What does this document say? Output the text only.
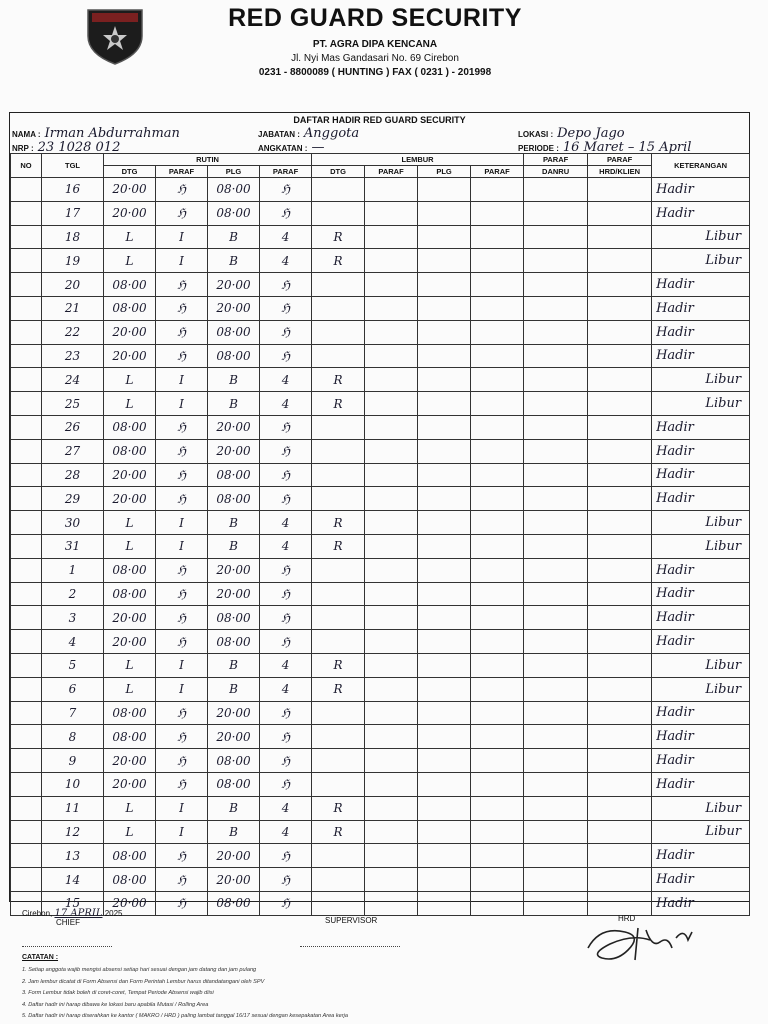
RED GUARD SECURITY
PT. AGRA DIPA KENCANA
Jl. Nyi Mas Gandasari No. 69 Cirebon
0231 - 8800089 ( HUNTING ) FAX ( 0231 ) - 201998
DAFTAR HADIR RED GUARD SECURITY
NAMA : Irman Abdurrahman
NRP : 23 1028 012
JABATAN : Anggota
ANGKATAN : —
LOKASI : Depo Jago
PERIODE : 16 Maret – 15 April
NO	TGL	RUTIN				LEMBUR				PARAF	PARAF	KETERANGAN
		DTG	PARAF	PLG	PARAF	DTG	PARAF	PLG	PARAF	DANRU	HRD/KLIEN	
	16	20·00	ℌ	08·00	ℌ							Hadir
	17	20·00	ℌ	08·00	ℌ							Hadir
	18	L	I	B	4	R						Libur
	19	L	I	B	4	R						Libur
	20	08·00	ℌ	20·00	ℌ							Hadir
	21	08·00	ℌ	20·00	ℌ							Hadir
	22	20·00	ℌ	08·00	ℌ							Hadir
	23	20·00	ℌ	08·00	ℌ							Hadir
	24	L	I	B	4	R						Libur
	25	L	I	B	4	R						Libur
	26	08·00	ℌ	20·00	ℌ							Hadir
	27	08·00	ℌ	20·00	ℌ							Hadir
	28	20·00	ℌ	08·00	ℌ							Hadir
	29	20·00	ℌ	08·00	ℌ							Hadir
	30	L	I	B	4	R						Libur
	31	L	I	B	4	R						Libur
	1	08·00	ℌ	20·00	ℌ							Hadir
	2	08·00	ℌ	20·00	ℌ							Hadir
	3	20·00	ℌ	08·00	ℌ							Hadir
	4	20·00	ℌ	08·00	ℌ							Hadir
	5	L	I	B	4	R						Libur
	6	L	I	B	4	R						Libur
	7	08·00	ℌ	20·00	ℌ							Hadir
	8	08·00	ℌ	20·00	ℌ							Hadir
	9	20·00	ℌ	08·00	ℌ							Hadir
	10	20·00	ℌ	08·00	ℌ							Hadir
	11	L	I	B	4	R						Libur
	12	L	I	B	4	R						Libur
	13	08·00	ℌ	20·00	ℌ							Hadir
	14	08·00	ℌ	20·00	ℌ							Hadir
	15	20·00	ℌ	08·00	ℌ							Hadir
Cirebon, 17 APRIL 2025
CHIEF	SUPERVISOR	HRD
CATATAN :
1. Setiap anggota wajib mengisi absensi setiap hari sesuai dengan jam datang dan jam pulang
2. Jam lembur dicatat di Form Absensi dan Form Perintah Lembur harus ditandatangani oleh SPV
3. Form Lembur tidak boleh di coret-coret, Tempat Periode Absensi wajib diisi
4. Daftar hadir ini harap dibawa ke lokasi baru apabila Mutasi / Rolling Area
5. Daftar hadir ini harap diserahkan ke kantor ( MAKRO / HRD ) paling lambat tanggal 16/17 sesuai dengan kesepakatan Area kerja
